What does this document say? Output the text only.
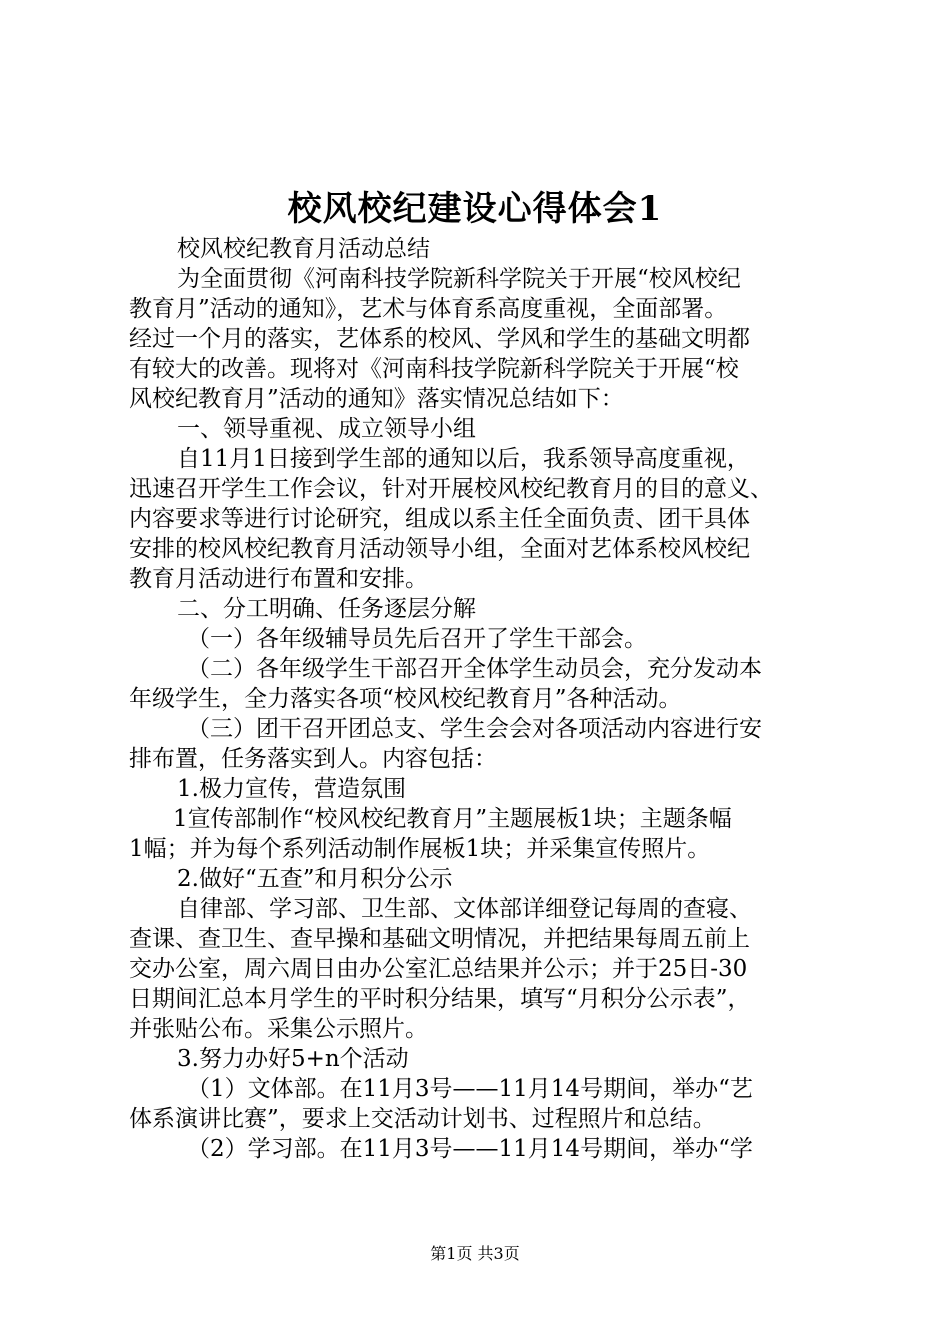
校风校纪建设心得体会1

校风校纪教育月活动总结

为全面贯彻《河南科技学院新科学院关于开展“校风校纪

教育月”活动的通知》，艺术与体育系高度重视，全面部署。

经过一个月的落实，艺体系的校风、学风和学生的基础文明都

有较大的改善。现将对《河南科技学院新科学院关于开展“校

风校纪教育月”活动的通知》落实情况总结如下：

一、领导重视、成立领导小组

自11月1日接到学生部的通知以后，我系领导高度重视，

迅速召开学生工作会议，针对开展校风校纪教育月的目的意义、

内容要求等进行讨论研究，组成以系主任全面负责、团干具体

安排的校风校纪教育月活动领导小组，全面对艺体系校风校纪

教育月活动进行布置和安排。

二、分工明确、任务逐层分解

（一）各年级辅导员先后召开了学生干部会。

（二）各年级学生干部召开全体学生动员会，充分发动本

年级学生，全力落实各项“校风校纪教育月”各种活动。

（三）团干召开团总支、学生会会对各项活动内容进行安

排布置，任务落实到人。内容包括：

1.极力宣传，营造氛围

1宣传部制作“校风校纪教育月”主题展板1块；主题条幅

1幅；并为每个系列活动制作展板1块；并采集宣传照片。

2.做好“五查”和月积分公示

自律部、学习部、卫生部、文体部详细登记每周的查寝、

查课、查卫生、查早操和基础文明情况，并把结果每周五前上

交办公室，周六周日由办公室汇总结果并公示；并于25日-30

日期间汇总本月学生的平时积分结果，填写“月积分公示表”，

并张贴公布。采集公示照片。

3.努力办好5+n个活动

（1）文体部。在11月3号——11月14号期间，举办“艺

体系演讲比赛”，要求上交活动计划书、过程照片和总结。

（2）学习部。在11月3号——11月14号期间，举办“学

第1页 共3页
